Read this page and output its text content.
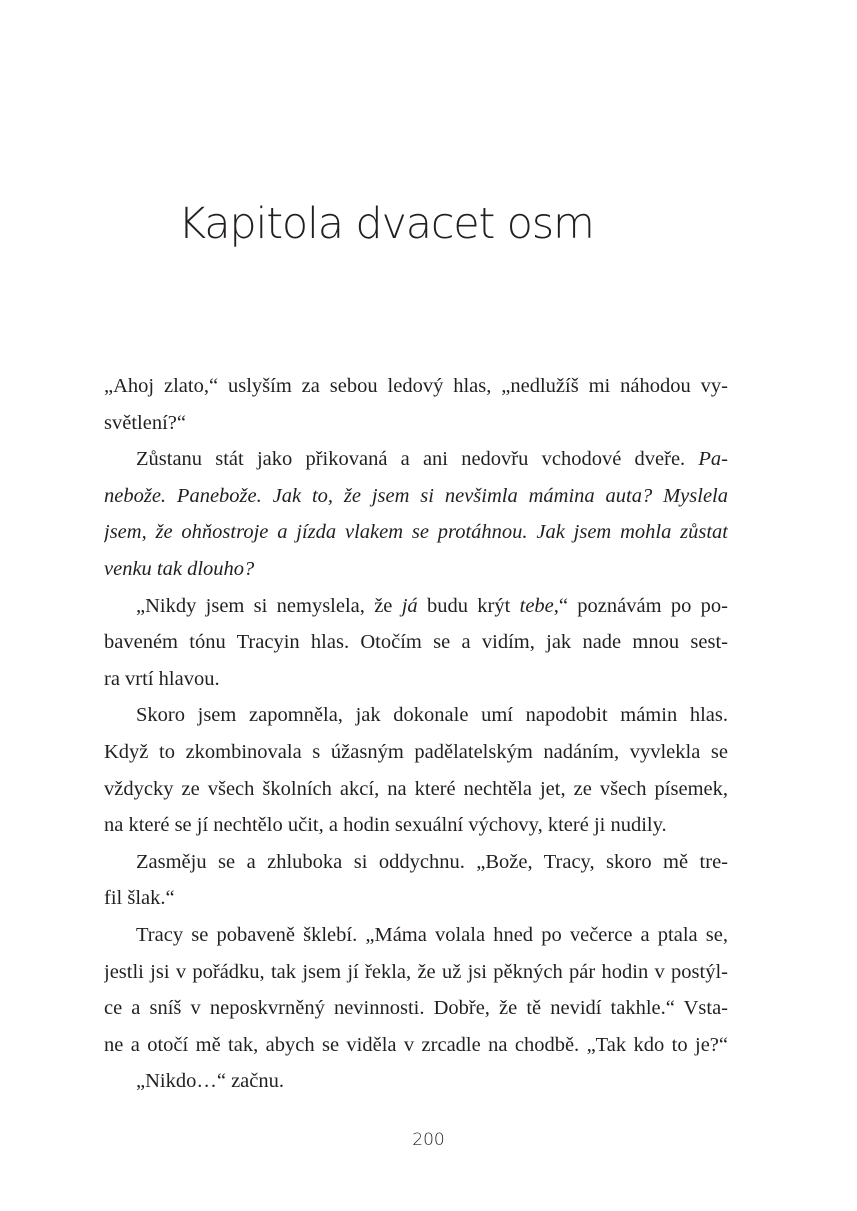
Kapitola dvacet osm
„Ahoj zlato,“ uslyším za sebou ledový hlas, „nedlužíš mi náhodou vy-
světlení?“
Zůstanu stát jako přikovaná a ani nedovřu vchodové dveře. Pa-
nebože. Panebože. Jak to, že jsem si nevšimla mámina auta? Myslela
jsem, že ohňostroje a jízda vlakem se protáhnou. Jak jsem mohla zůstat
venku tak dlouho?
„Nikdy jsem si nemyslela, že já budu krýt tebe,“ poznávám po po-
baveném tónu Tracyin hlas. Otočím se a vidím, jak nade mnou sest-
ra vrtí hlavou.
Skoro jsem zapomněla, jak dokonale umí napodobit mámin hlas.
Když to zkombinovala s úžasným padělatelským nadáním, vyvlekla se
vždycky ze všech školních akcí, na které nechtěla jet, ze všech písemek,
na které se jí nechtělo učit, a hodin sexuální výchovy, které ji nudily.
Zasměju se a zhluboka si oddychnu. „Bože, Tracy, skoro mě tre-
fil šlak.“
Tracy se pobaveně šklebí. „Máma volala hned po večerce a ptala se,
jestli jsi v pořádku, tak jsem jí řekla, že už jsi pěkných pár hodin v postýl-
ce a sníš v neposkvrněný nevinnosti. Dobře, že tě nevidí takhle.“ Vsta-
ne a otočí mě tak, abych se viděla v zrcadle na chodbě. „Tak kdo to je?“
„Nikdo…“ začnu.
200
